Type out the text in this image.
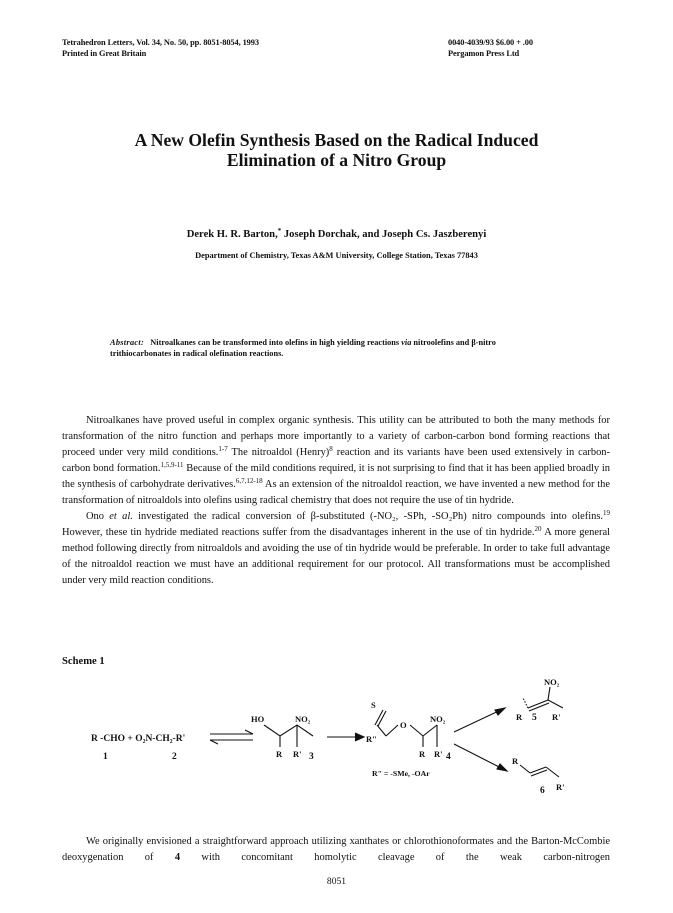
Tetrahedron Letters, Vol. 34, No. 50, pp. 8051-8054, 1993
Printed in Great Britain
0040-4039/93 $6.00 + .00
Pergamon Press Ltd
A New Olefin Synthesis Based on the Radical Induced
Elimination of a Nitro Group
Derek H. R. Barton,* Joseph Dorchak, and Joseph Cs. Jaszberenyi
Department of Chemistry, Texas A&M University, College Station, Texas 77843
Abstract: Nitroalkanes can be transformed into olefins in high yielding reactions via nitroolefins and β-nitro trithiocarbonates in radical olefination reactions.

Nitroalkanes have proved useful in complex organic synthesis. This utility can be attributed to both the many methods for transformation of the nitro function and perhaps more importantly to a variety of carbon-carbon bond forming reactions that proceed under very mild conditions.$^{1-7}$ The nitroaldol (Henry)$^8$ reaction and its variants have been used extensively in carbon-carbon bond formation.$^{1,5,9-11}$ Because of the mild conditions required, it is not surprising to find that it has been applied broadly in the synthesis of carbohydrate derivatives.$^{6,7,12-18}$ As an extension of the nitroaldol reaction, we have invented a new method for the transformation of nitroaldols into olefins using radical chemistry that does not require the use of tin hydride.

Ono et al. investigated the radical conversion of β-substituted (-NO₂, -SPh, -SO₂Ph) nitro compounds into olefins.$^{19}$ However, these tin hydride mediated reactions suffer from the disadvantages inherent in the use of tin hydride.$^{20}$ A more general method following directly from nitroaldols and avoiding the use of tin hydride would be preferable. In order to take full advantage of the nitroaldol reaction we must have an additional requirement for our protocol. All transformations must be accomplished under very mild reaction conditions.

Scheme 1
R -CHO + O₂N-CH₂-R'
1	2
HO	NO₂
R R' 3
S
O
NO₂
R"
R R' 4
R" = -SMe, -OAr
NO₂
R 5 R'
R
6 R'

We originally envisioned a straightforward approach utilizing xanthates or chlorothionoformates and the Barton-McCombie deoxygenation of 4 with concomitant homolytic cleavage of the weak carbon-nitrogen

8051
